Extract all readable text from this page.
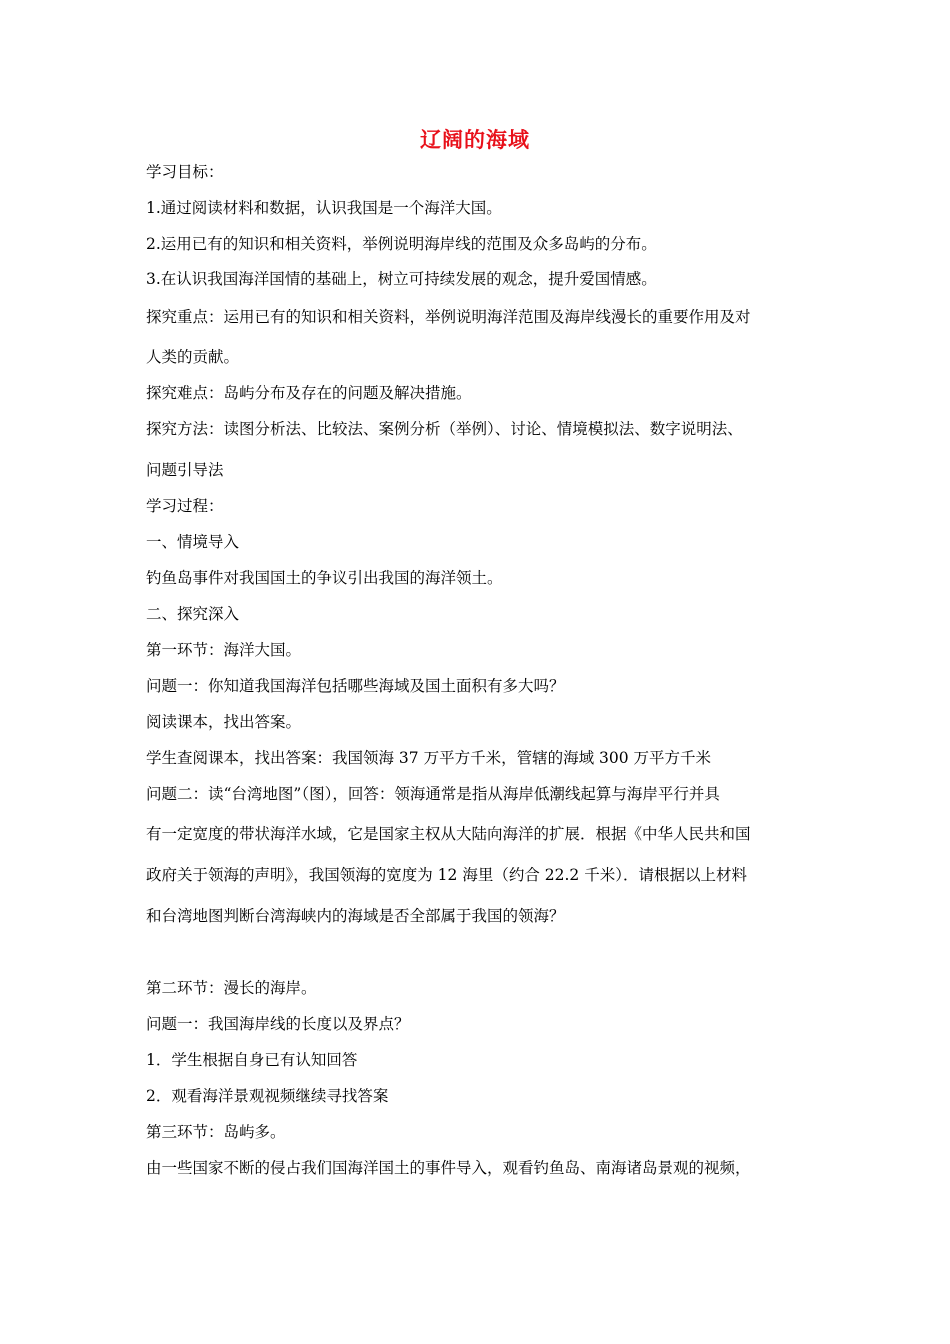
辽阔的海域
学习目标：
1.通过阅读材料和数据，认识我国是一个海洋大国。
2.运用已有的知识和相关资料，举例说明海岸线的范围及众多岛屿的分布。
3.在认识我国海洋国情的基础上，树立可持续发展的观念，提升爱国情感。
探究重点：运用已有的知识和相关资料，举例说明海洋范围及海岸线漫长的重要作用及对
人类的贡献。
探究难点：岛屿分布及存在的问题及解决措施。
探究方法：读图分析法、比较法、案例分析（举例）、讨论、情境模拟法、数字说明法、
问题引导法
学习过程：
一、情境导入
钓鱼岛事件对我国国土的争议引出我国的海洋领土。
二、探究深入
第一环节：海洋大国。
问题一：你知道我国海洋包括哪些海域及国土面积有多大吗？
阅读课本，找出答案。
学生查阅课本，找出答案：我国领海 37 万平方千米，管辖的海域 300 万平方千米
问题二：读“台湾地图”（图），回答：领海通常是指从海岸低潮线起算与海岸平行并具
有一定宽度的带状海洋水域，它是国家主权从大陆向海洋的扩展．根据《中华人民共和国
政府关于领海的声明》，我国领海的宽度为 12 海里（约合 22.2 千米）．请根据以上材料
和台湾地图判断台湾海峡内的海域是否全部属于我国的领海？
第二环节：漫长的海岸。
问题一：我国海岸线的长度以及界点？
1．学生根据自身已有认知回答
2．观看海洋景观视频继续寻找答案
第三环节：岛屿多。
由一些国家不断的侵占我们国海洋国土的事件导入，观看钓鱼岛、南海诸岛景观的视频，
